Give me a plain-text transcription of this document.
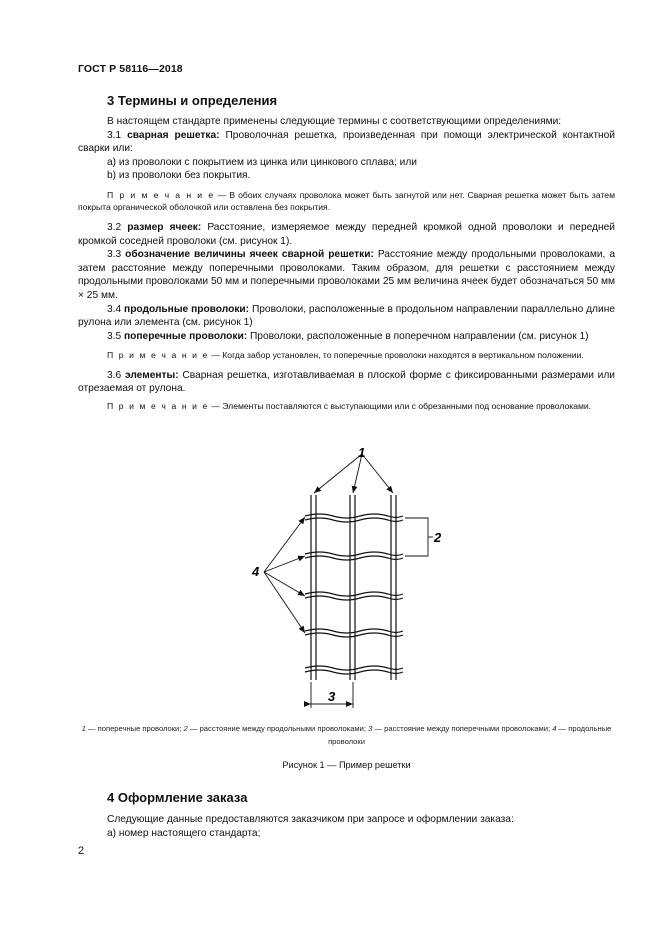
ГОСТ Р 58116—2018
3 Термины и определения

В настоящем стандарте применены следующие термины с соответствующими определениями:

3.1 сварная решетка: Проволочная решетка, произведенная при помощи электрической контактной сварки или:

a) из проволоки с покрытием из цинка или цинкового сплава; или

b) из проволоки без покрытия.

П р и м е ч а н и е — В обоих случаях проволока может быть загнутой или нет. Сварная решетка может быть затем покрыта органической оболочкой или оставлена без покрытия.

3.2 размер ячеек: Расстояние, измеряемое между передней кромкой одной проволоки и передней кромкой соседней проволоки (см. рисунок 1).

3.3 обозначение величины ячеек сварной решетки: Расстояние между продольными проволоками, а затем расстояние между поперечными проволоками. Таким образом, для решетки с расстоянием между продольными проволоками 50 мм и поперечными проволоками 25 мм величина ячеек будет обозначаться 50 мм × 25 мм.

3.4 продольные проволоки: Проволоки, расположенные в продольном направлении параллельно длине рулона или элемента (см. рисунок 1)

3.5 поперечные проволоки: Проволоки, расположенные в поперечном направлении (см. рисунок 1)

П р и м е ч а н и е — Когда забор установлен, то поперечные проволоки находятся в вертикальном положении.

3.6 элементы: Сварная решетка, изготавливаемая в плоской форме с фиксированными размерами или отрезаемая от рулона.

П р и м е ч а н и е — Элементы поставляются с выступающими или с обрезанными под основание проволоками.

1
2
3
4
1 — поперечные проволоки; 2 — расстояние между продольными проволоками; 3 — расстояние между поперечными проволоками; 4 — продольные проволоки
Рисунок 1 — Пример решетки
4 Оформление заказа

Следующие данные предоставляются заказчиком при запросе и оформлении заказа:

a) номер настоящего стандарта;

2
